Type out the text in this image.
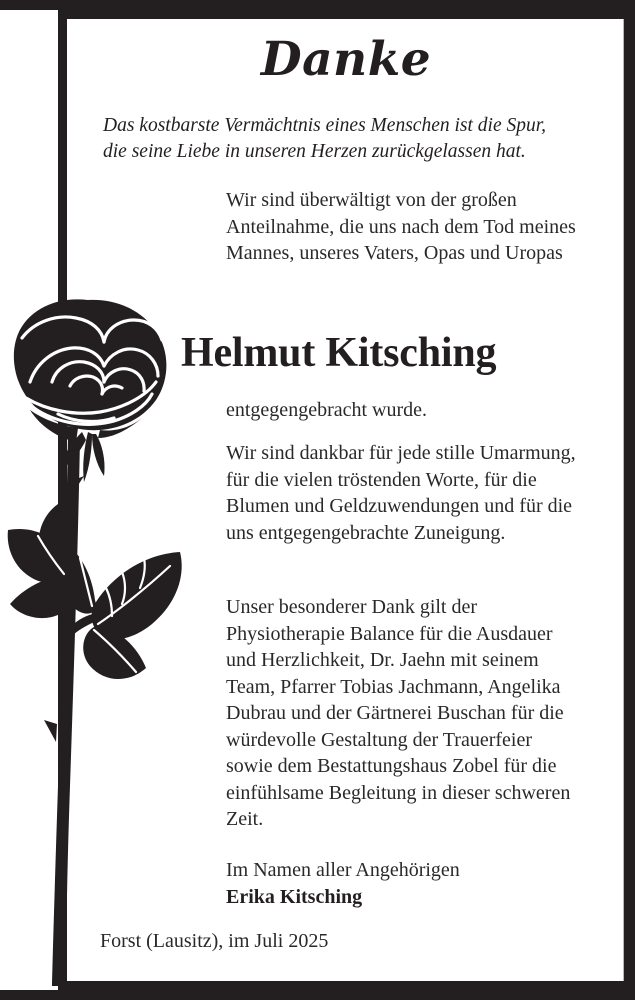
Danke
Das kostbarste Vermächtnis eines Menschen ist die Spur,
die seine Liebe in unseren Herzen zurückgelassen hat.

Wir sind überwältigt von der großen Anteilnahme, die uns nach dem Tod meines Mannes, unseres Vaters, Opas und Uropas

Helmut Kitsching
entgegengebracht wurde.

Wir sind dankbar für jede stille Umarmung, für die vielen tröstenden Worte, für die Blumen und Geldzuwendungen und für die uns entgegengebrachte Zuneigung.

Unser besonderer Dank gilt der Physiotherapie Balance für die Ausdauer und Herzlichkeit, Dr. Jaehn mit seinem Team, Pfarrer Tobias Jachmann, Angelika Dubrau und der Gärtnerei Buschan für die würdevolle Gestaltung der Trauerfeier sowie dem Bestattungshaus Zobel für die einfühlsame Begleitung in dieser schweren Zeit.

Im Namen aller Angehörigen
Erika Kitsching
Forst (Lausitz), im Juli 2025
